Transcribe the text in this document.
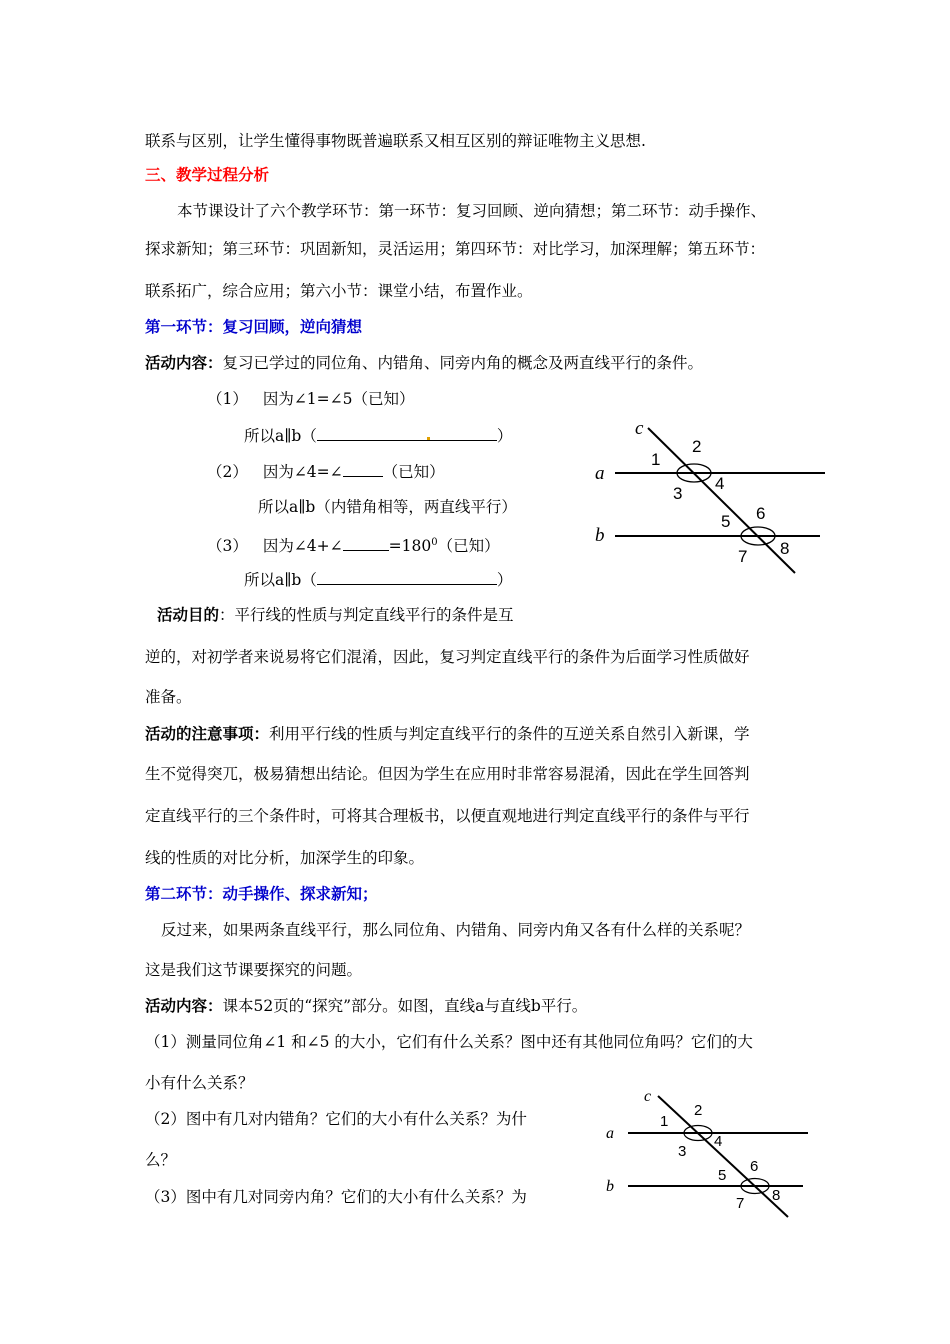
联系与区别，让学生懂得事物既普遍联系又相互区别的辩证唯物主义思想.
三、教学过程分析
本节课设计了六个教学环节：第一环节：复习回顾、逆向猜想；第二环节：动手操作、
探求新知；第三环节：巩固新知，灵活运用；第四环节：对比学习，加深理解；第五环节：
联系拓广，综合应用；第六小节：课堂小结，布置作业。
第一环节：复习回顾，逆向猜想
活动内容：复习已学过的同位角、内错角、同旁内角的概念及两直线平行的条件。
（1） 因为∠1=∠5（已知）
所以a∥b（	）
（2） 因为∠4=∠	（已知）
所以a∥b（内错角相等，两直线平行）
（3） 因为∠4+∠	$=180^0$（已知）
所以a∥b（	）
活动目的：平行线的性质与判定直线平行的条件是互
逆的，对初学者来说易将它们混淆，因此，复习判定直线平行的条件为后面学习性质做好
准备。
活动的注意事项：利用平行线的性质与判定直线平行的条件的互逆关系自然引入新课，学
生不觉得突兀，极易猜想出结论。但因为学生在应用时非常容易混淆，因此在学生回答判
定直线平行的三个条件时，可将其合理板书，以便直观地进行判定直线平行的条件与平行
线的性质的对比分析，加深学生的印象。
第二环节：动手操作、探求新知；
反过来，如果两条直线平行，那么同位角、内错角、同旁内角又各有什么样的关系呢？
这是我们这节课要探究的问题。
活动内容：课本52页的“探究”部分。如图，直线a与直线b平行。
（1）测量同位角∠1 和∠5 的大小，它们有什么关系？图中还有其他同位角吗？它们的大
小有什么关系？
（2）图中有几对内错角？它们的大小有什么关系？为什
么？
（3）图中有几对同旁内角？它们的大小有什么关系？为
c
a
b
1
2
3
4
5 6
7 8
c
a
b
1
2
3
4
5
6
7 8
